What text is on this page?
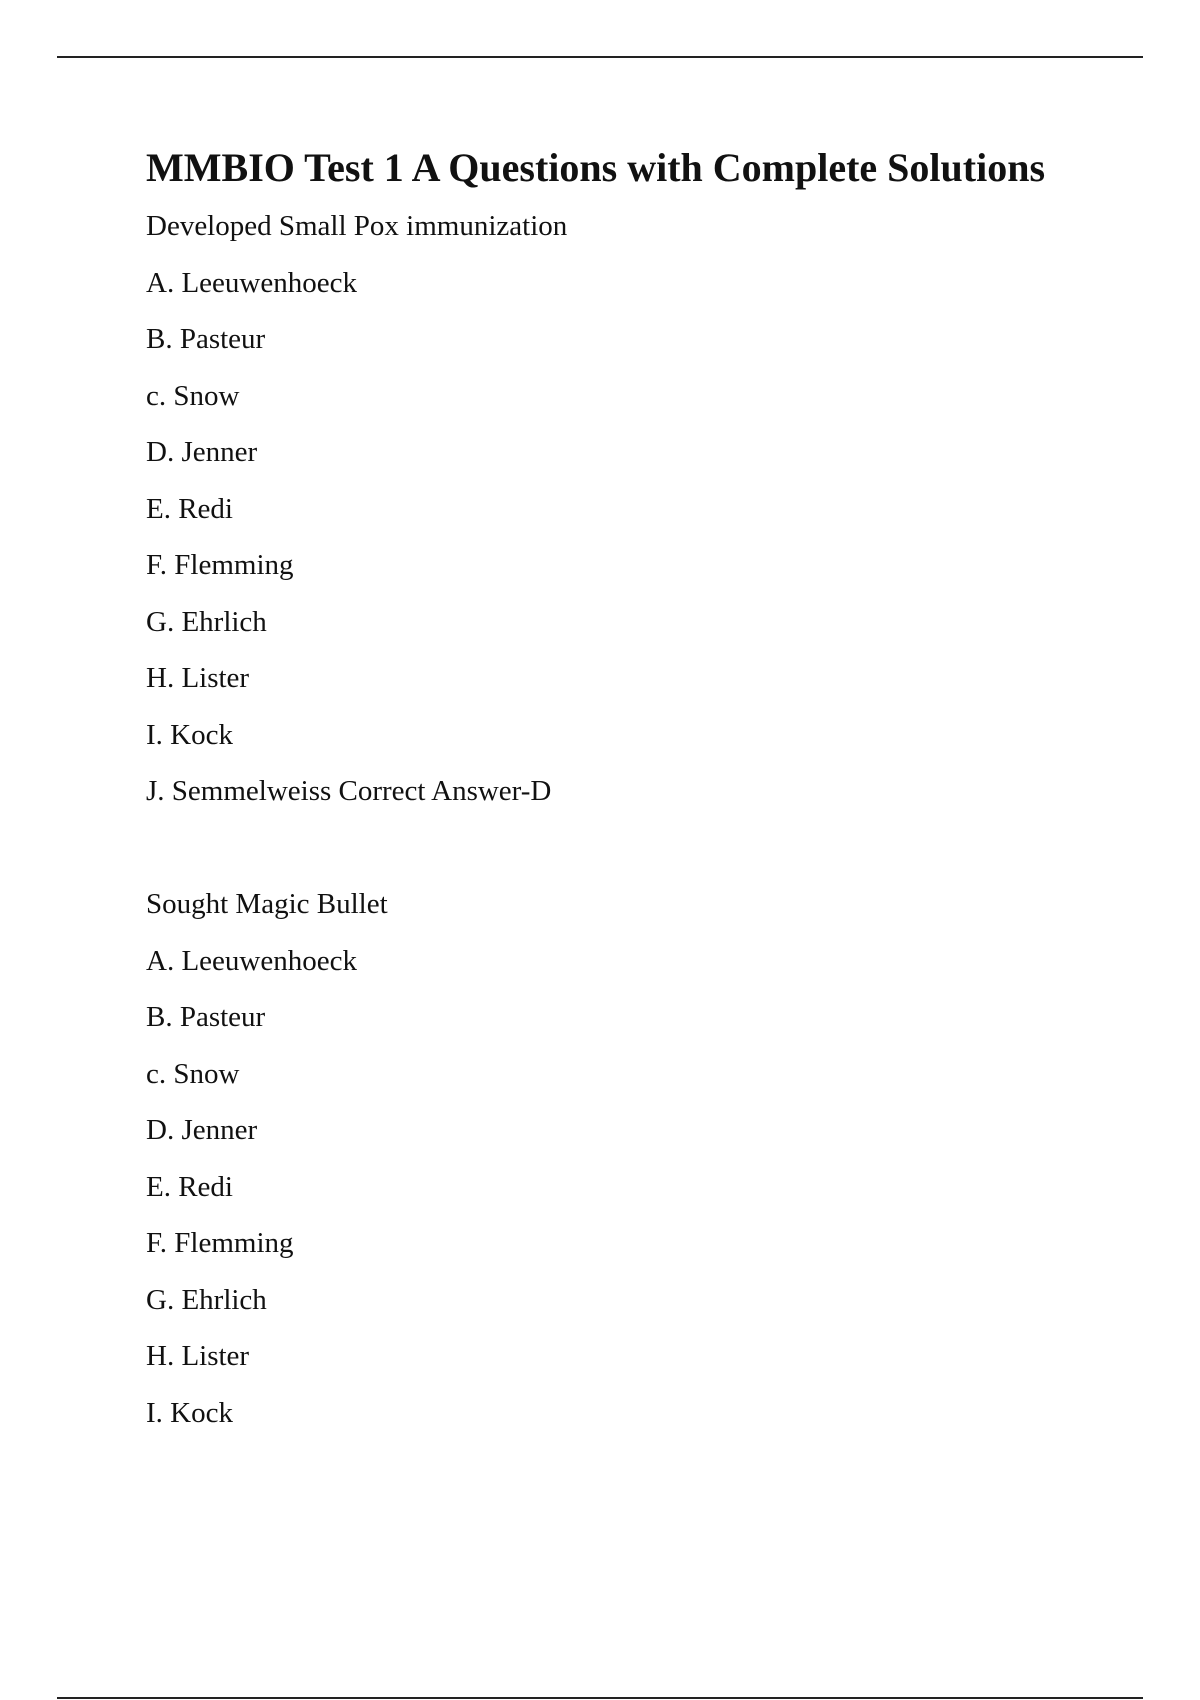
MMBIO Test 1 A Questions with Complete Solutions
Developed Small Pox immunization
A. Leeuwenhoeck
B. Pasteur
c. Snow
D. Jenner
E. Redi
F. Flemming
G. Ehrlich
H. Lister
I. Kock
J. Semmelweiss Correct Answer-D
Sought Magic Bullet
A. Leeuwenhoeck
B. Pasteur
c. Snow
D. Jenner
E. Redi
F. Flemming
G. Ehrlich
H. Lister
I. Kock
